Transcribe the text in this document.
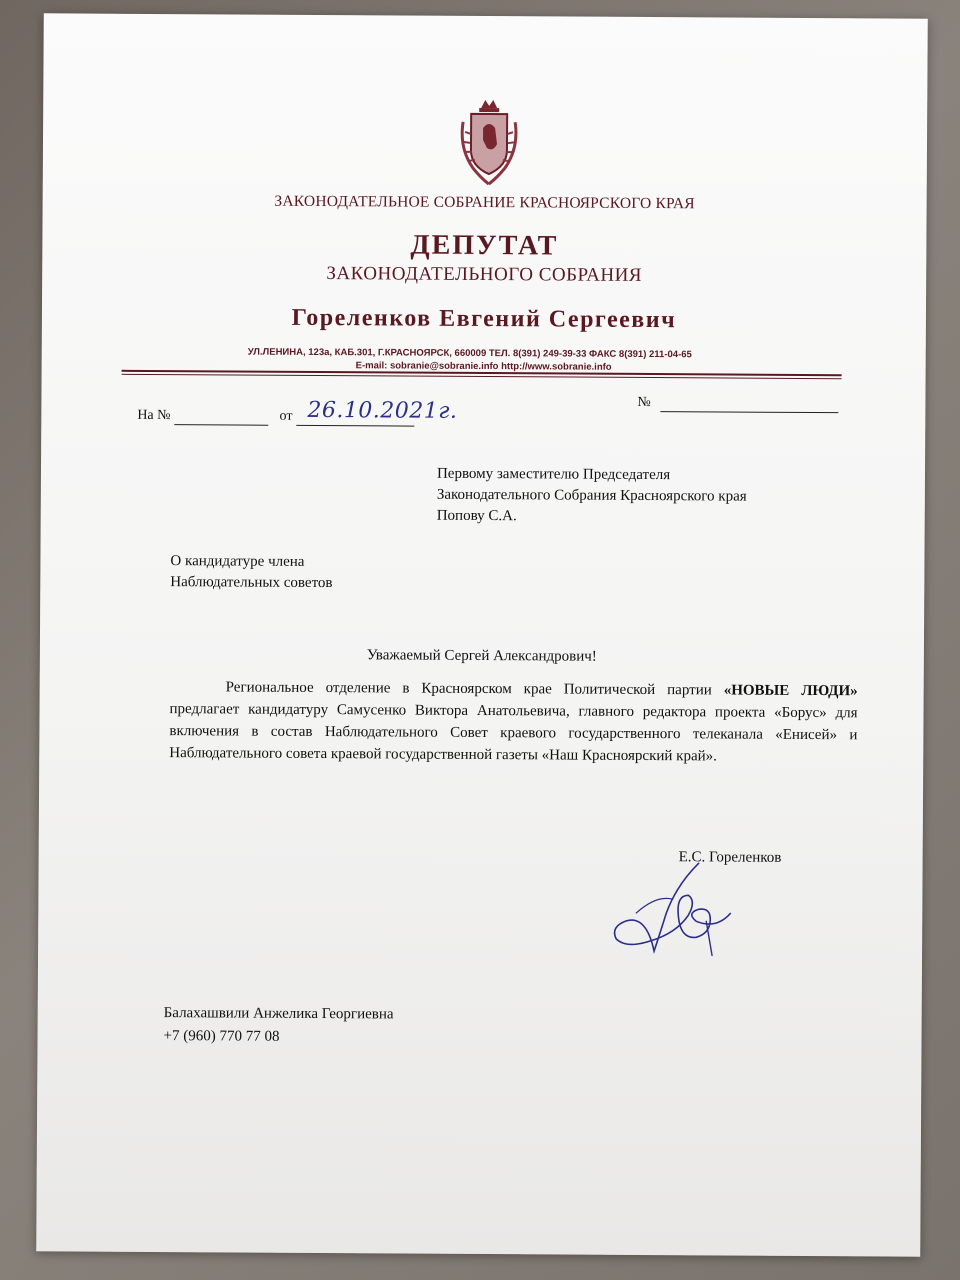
ЗАКОНОДАТЕЛЬНОЕ СОБРАНИЕ КРАСНОЯРСКОГО КРАЯ
ДЕПУТАТ
ЗАКОНОДАТЕЛЬНОГО СОБРАНИЯ
Гореленков Евгений Сергеевич
УЛ.ЛЕНИНА, 123а, КАБ.301, Г.КРАСНОЯРСК, 660009 ТЕЛ. 8(391) 249-39-33 ФАКС 8(391) 211-04-65
E-mail: sobranie@sobranie.info http://www.sobranie.info
На №	от 26.10.2021г.	№
Первому заместителю Председателя
Законодательного Собрания Красноярского края
Попову С.А.
О кандидатуре члена
Наблюдательных советов
Уважаемый Сергей Александрович!
Региональное отделение в Красноярском крае Политической партии «НОВЫЕ ЛЮДИ» предлагает кандидатуру Самусенко Виктора Анатольевича, главного редактора проекта «Борус» для включения в состав Наблюдательного Совет краевого государственного телеканала «Енисей» и Наблюдательного совета краевой государственной газеты «Наш Красноярский край».
Е.С. Гореленков
Балахашвили Анжелика Георгиевна
+7 (960) 770 77 08
